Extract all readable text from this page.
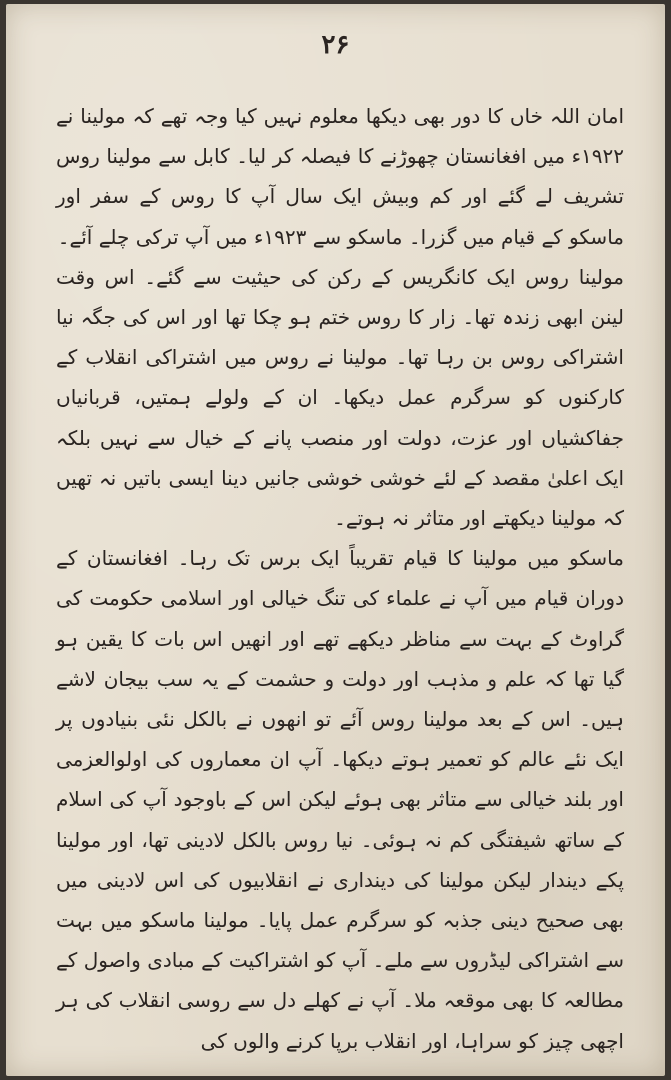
۲۶

امان اللہ خاں کا دور بھی دیکھا معلوم نہیں کیا وجہ تھے کہ مولینا نے ۱۹۲۲ء میں افغانستان چھوڑنے کا فیصلہ کر لیا۔ کابل سے مولینا روس تشریف لے گئے اور کم وبیش ایک سال آپ کا روس کے سفر اور ماسکو کے قیام میں گزرا۔ ماسکو سے ۱۹۲۳ء میں آپ ترکی چلے آئے۔

مولینا روس ایک کانگریس کے رکن کی حیثیت سے گئے۔ اس وقت لینن ابھی زندہ تھا۔ زار کا روس ختم ہو چکا تھا اور اس کی جگہ نیا اشتراکی روس بن رہا تھا۔ مولینا نے روس میں اشتراکی انقلاب کے کارکنوں کو سرگرم عمل دیکھا۔ ان کے ولولے ہمتیں، قربانیاں جفاکشیاں اور عزت، دولت اور منصب پانے کے خیال سے نہیں بلکہ ایک اعلیٰ مقصد کے لئے خوشی خوشی جانیں دینا ایسی باتیں نہ تھیں کہ مولینا دیکھتے اور متاثر نہ ہوتے۔

ماسکو میں مولینا کا قیام تقریباً ایک برس تک رہا۔ افغانستان کے دوران قیام میں آپ نے علماء کی تنگ خیالی اور اسلامی حکومت کی گراوٹ کے بہت سے مناظر دیکھے تھے اور انھیں اس بات کا یقین ہو گیا تھا کہ علم و مذہب اور دولت و حشمت کے یہ سب بیجان لاشے ہیں۔ اس کے بعد مولینا روس آئے تو انھوں نے بالکل نئی بنیادوں پر ایک نئے عالم کو تعمیر ہوتے دیکھا۔ آپ ان معماروں کی اولوالعزمی اور بلند خیالی سے متاثر بھی ہوئے لیکن اس کے باوجود آپ کی اسلام کے ساتھ شیفتگی کم نہ ہوئی۔ نیا روس بالکل لادینی تھا، اور مولینا پکے دیندار لیکن مولینا کی دینداری نے انقلابیوں کی اس لادینی میں بھی صحیح دینی جذبہ کو سرگرم عمل پایا۔ مولینا ماسکو میں بہت سے اشتراکی لیڈروں سے ملے۔ آپ کو اشتراکیت کے مبادی واصول کے مطالعہ کا بھی موقعہ ملا۔ آپ نے کھلے دل سے روسی انقلاب کی ہر اچھی چیز کو سراہا، اور انقلاب برپا کرنے والوں کی
